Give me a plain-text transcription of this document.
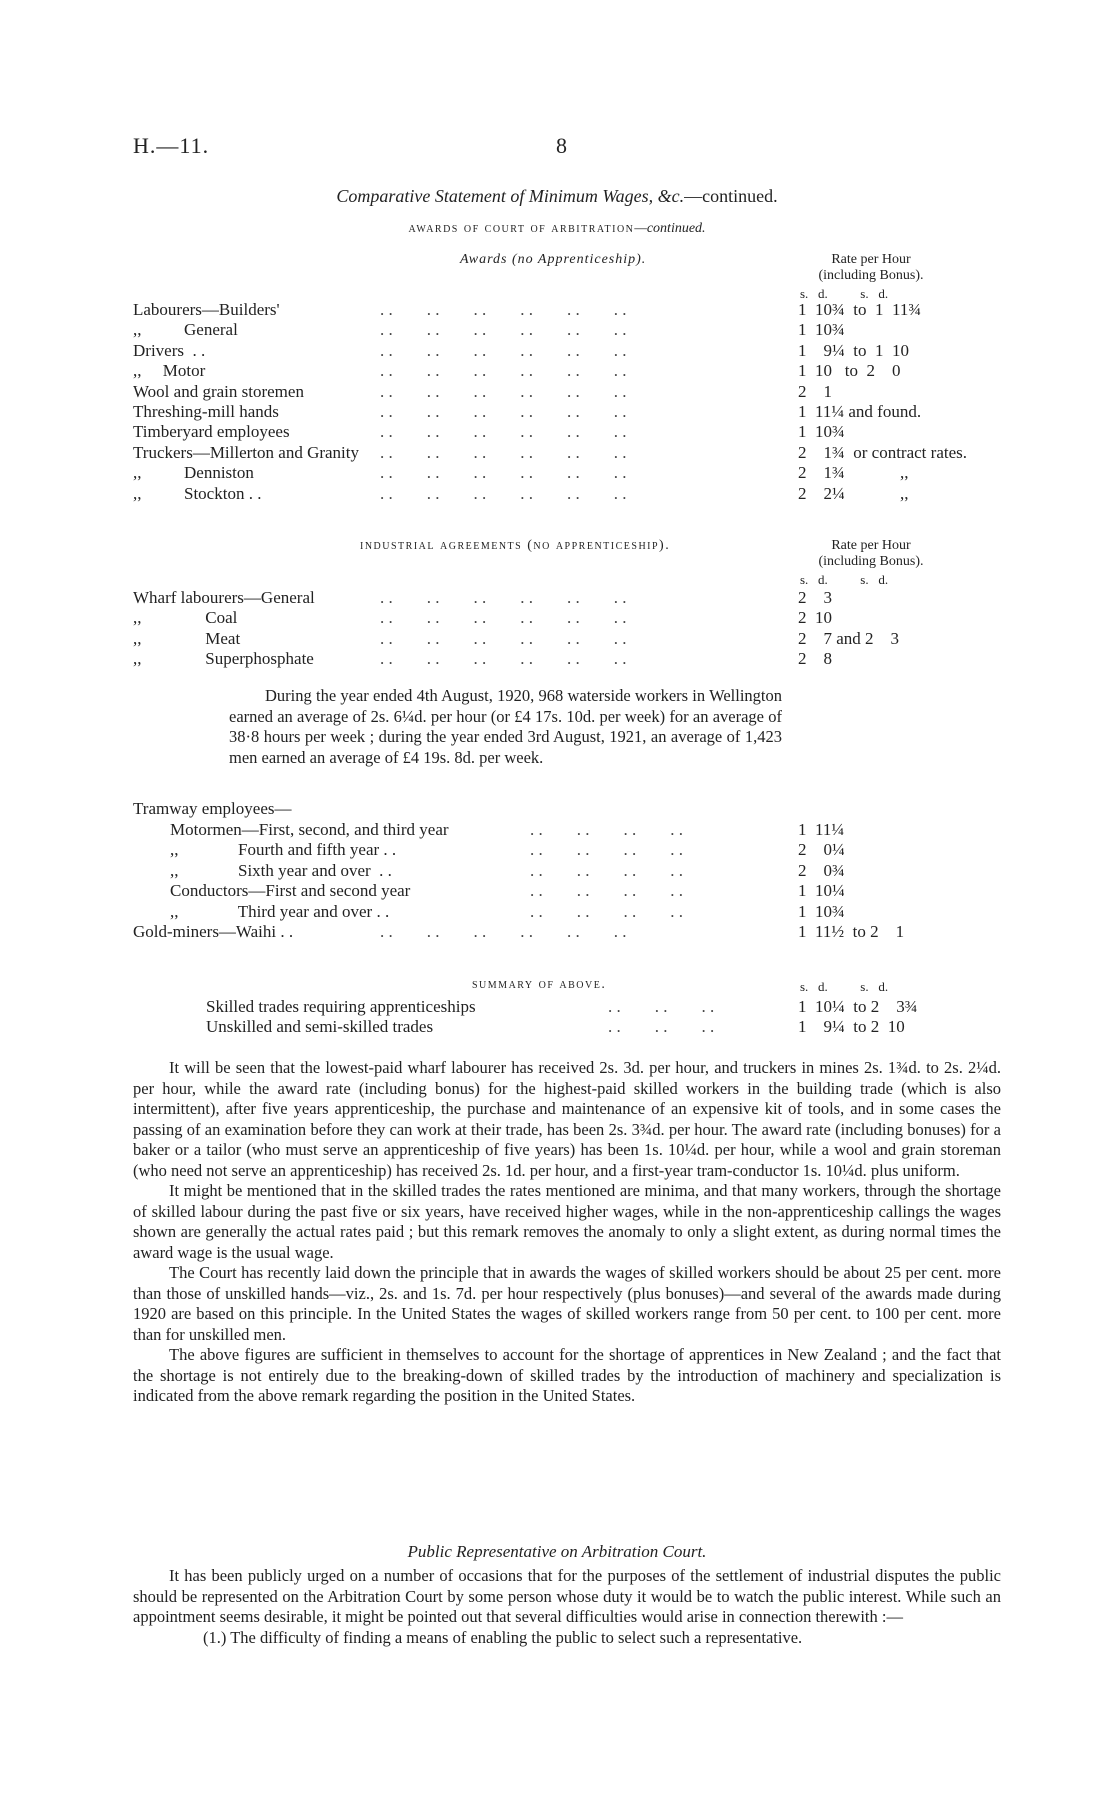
H.—11.	8
Comparative Statement of Minimum Wages, &c.—continued.
awards of court of arbitration—continued.
Awards (no Apprenticeship).	Rate per Hour
(including Bonus).
s.   d.          s.   d.
Labourers—Builders'	. .        . .        . .        . .        . .        . .	1  10¾  to  1  11¾
,,          General	. .        . .        . .        . .        . .        . .	1  10¾
Drivers  . .	. .        . .        . .        . .        . .        . .	1    9¼  to  1  10
,,     Motor	. .        . .        . .        . .        . .        . .	1  10   to  2    0
Wool and grain storemen	. .        . .        . .        . .        . .        . .	2    1
Threshing-mill hands	. .        . .        . .        . .        . .        . .	1  11¼ and found.
Timberyard employees	. .        . .        . .        . .        . .        . .	1  10¾
Truckers—Millerton and Granity . .        . .        . .        . .        . .        . .	2    1¾  or contract rates.
,,          Denniston	. .        . .        . .        . .        . .        . .	2    1¾             ,,
,,          Stockton . .	. .        . .        . .        . .        . .        . .	2    2¼             ,,
industrial agreements (no apprenticeship).	Rate per Hour
(including Bonus).
s.   d.          s.   d.
Wharf labourers—General	. .        . .        . .        . .        . .        . .	2    3
,,               Coal	. .        . .        . .        . .        . .        . .	2  10
,,               Meat	. .        . .        . .        . .        . .        . .	2    7 and 2    3
,,               Superphosphate	. .        . .        . .        . .        . .        . .	2    8

During the year ended 4th August, 1920, 968 waterside workers in Wellington earned an average of 2s. 6¼d. per hour (or £4 17s. 10d. per week) for an average of 38·8 hours per week ; during the year ended 3rd August, 1921, an average of 1,423 men earned an average of £4 19s. 8d. per week.

Tramway employees—
Motormen—First, second, and third year	. .        . .        . .        . .	1  11¼
,,              Fourth and fifth year . .	. .        . .        . .        . .	2    0¼
,,              Sixth year and over  . .	. .        . .        . .        . .	2    0¾
Conductors—First and second year	. .        . .        . .        . .	1  10¼
,,              Third year and over . .	. .        . .        . .        . .	1  10¾
Gold-miners—Waihi . .	. .        . .        . .        . .        . .        . .	1  11½  to 2    1
summary of above.	s.   d.          s.   d.
Skilled trades requiring apprenticeships	. .        . .        . .	1  10¼  to 2    3¾
Unskilled and semi-skilled trades	. .        . .        . .	1    9¼  to 2  10

It will be seen that the lowest-paid wharf labourer has received 2s. 3d. per hour, and truckers in mines 2s. 1¾d. to 2s. 2¼d. per hour, while the award rate (including bonus) for the highest-paid skilled workers in the building trade (which is also intermittent), after five years apprenticeship, the purchase and maintenance of an expensive kit of tools, and in some cases the passing of an examination before they can work at their trade, has been 2s. 3¾d. per hour. The award rate (including bonuses) for a baker or a tailor (who must serve an apprenticeship of five years) has been 1s. 10¼d. per hour, while a wool and grain storeman (who need not serve an apprenticeship) has received 2s. 1d. per hour, and a first-year tram-conductor 1s. 10¼d. plus uniform.

It might be mentioned that in the skilled trades the rates mentioned are minima, and that many workers, through the shortage of skilled labour during the past five or six years, have received higher wages, while in the non-apprenticeship callings the wages shown are generally the actual rates paid ; but this remark removes the anomaly to only a slight extent, as during normal times the award wage is the usual wage.

The Court has recently laid down the principle that in awards the wages of skilled workers should be about 25 per cent. more than those of unskilled hands—viz., 2s. and 1s. 7d. per hour respectively (plus bonuses)—and several of the awards made during 1920 are based on this principle. In the United States the wages of skilled workers range from 50 per cent. to 100 per cent. more than for unskilled men.

The above figures are sufficient in themselves to account for the shortage of apprentices in New Zealand ; and the fact that the shortage is not entirely due to the breaking-down of skilled trades by the introduction of machinery and specialization is indicated from the above remark regarding the position in the United States.

Public Representative on Arbitration Court.

It has been publicly urged on a number of occasions that for the purposes of the settlement of industrial disputes the public should be represented on the Arbitration Court by some person whose duty it would be to watch the public interest. While such an appointment seems desirable, it might be pointed out that several difficulties would arise in connection therewith :—

(1.) The difficulty of finding a means of enabling the public to select such a representative.
